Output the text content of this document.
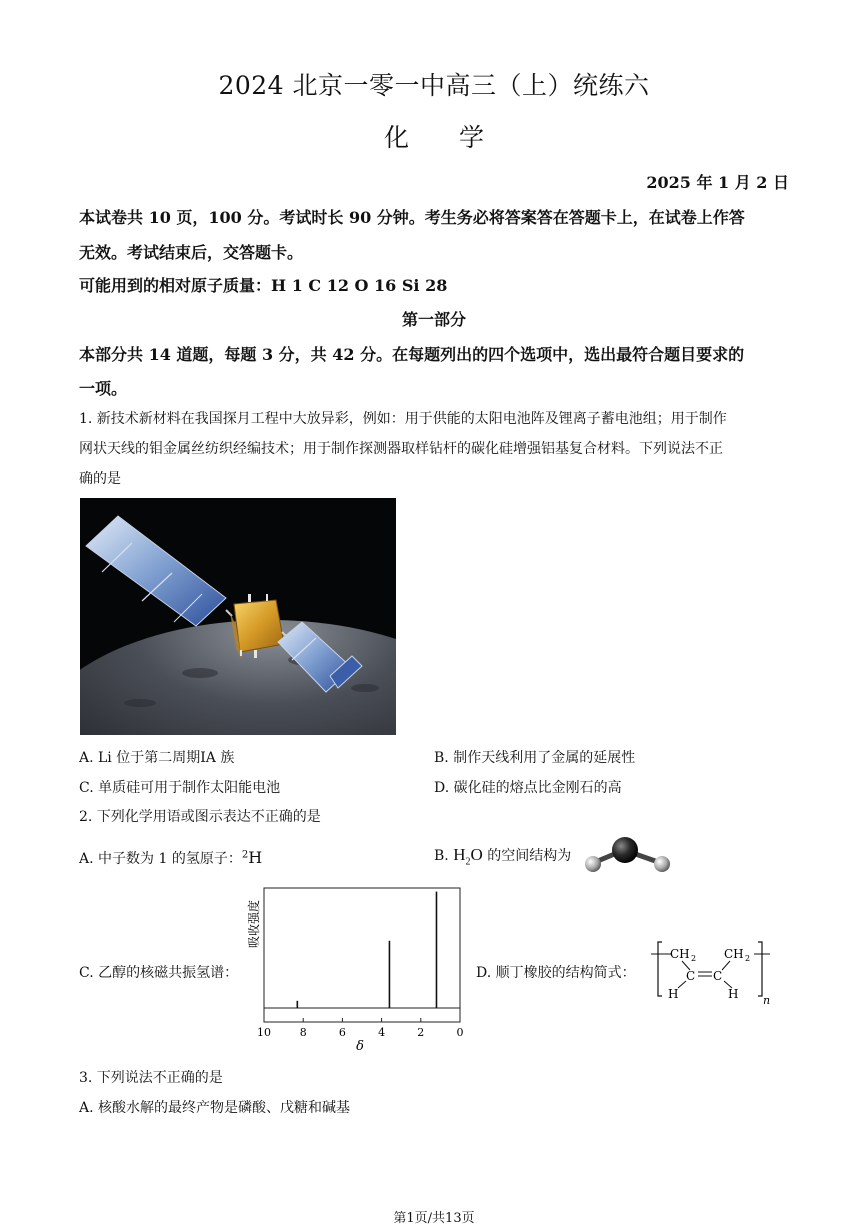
2024 北京一零一中高三（上）统练六
化　　学
2025 年 1 月 2 日
本试卷共 10 页，100 分。考试时长 90 分钟。考生务必将答案答在答题卡上，在试卷上作答
无效。考试结束后，交答题卡。
可能用到的相对原子质量：H 1 C 12 O 16 Si 28
第一部分
本部分共 14 道题，每题 3 分，共 42 分。在每题列出的四个选项中，选出最符合题目要求的
一项。
1. 新技术新材料在我国探月工程中大放异彩，例如：用于供能的太阳电池阵及锂离子蓄电池组；用于制作
网状天线的钼金属丝纺织经编技术；用于制作探测器取样钻杆的碳化硅增强铝基复合材料。下列说法不正
确的是
A. Li 位于第二周期IA 族	B. 制作天线利用了金属的延展性
C. 单质硅可用于制作太阳能电池	D. 碳化硅的熔点比金刚石的高
2. 下列化学用语或图示表达不正确的是
A. 中子数为 1 的氢原子：$^2$H	B. $H_2O$ 的空间结构为
C. 乙醇的核磁共振氢谱：
吸收强度
10	8	6	4	2	0
δ
D. 顺丁橡胶的结构简式：
CH 2 CH 2
C C
H	H n
3. 下列说法不正确的是
A. 核酸水解的最终产物是磷酸、戊糖和碱基
第1页/共13页
